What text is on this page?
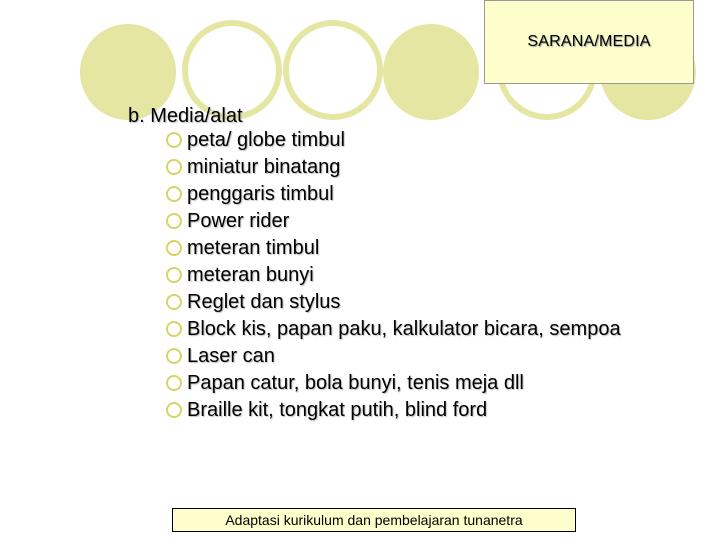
SARANA/MEDIA
b. Media/alat
peta/ globe timbul
miniatur binatang
penggaris timbul
Power rider
meteran timbul
meteran bunyi
Reglet dan stylus
Block kis, papan paku, kalkulator bicara, sempoa
Laser can
Papan catur, bola bunyi, tenis meja dll
Braille kit, tongkat putih, blind ford
Adaptasi kurikulum dan pembelajaran tunanetra
